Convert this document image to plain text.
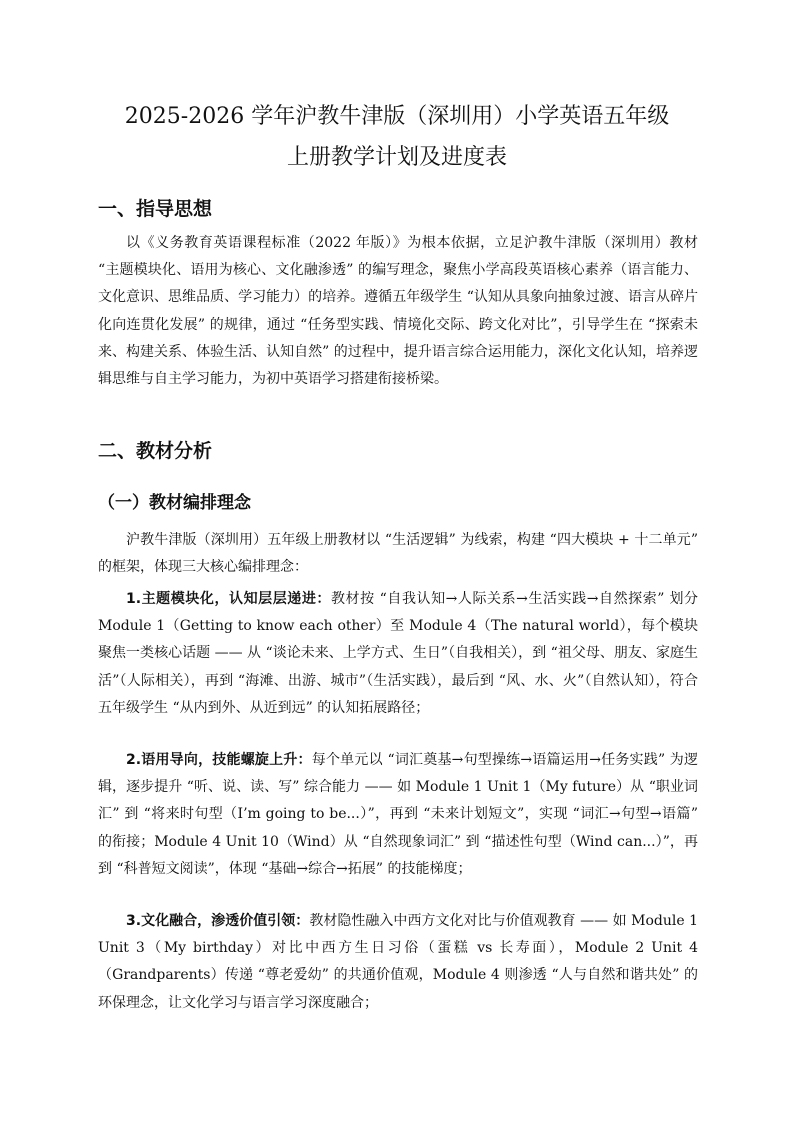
2025-2026 学年沪教牛津版（深圳用）小学英语五年级
上册教学计划及进度表
一、指导思想

以《义务教育英语课程标准（2022 年版）》为根本依据，立足沪教牛津版（深圳用）教材 “主题模块化、语用为核心、文化融渗透” 的编写理念，聚焦小学高段英语核心素养（语言能力、文化意识、思维品质、学习能力）的培养。遵循五年级学生 “认知从具象向抽象过渡、语言从碎片化向连贯化发展” 的规律，通过 “任务型实践、情境化交际、跨文化对比”，引导学生在 “探索未来、构建关系、体验生活、认知自然” 的过程中，提升语言综合运用能力，深化文化认知，培养逻辑思维与自主学习能力，为初中英语学习搭建衔接桥梁。

二、教材分析
（一）教材编排理念

沪教牛津版（深圳用）五年级上册教材以 “生活逻辑” 为线索，构建 “四大模块 + 十二单元” 的框架，体现三大核心编排理念：

1.主题模块化，认知层层递进：教材按 “自我认知→人际关系→生活实践→自然探索” 划分 Module 1（Getting to know each other）至 Module 4（The natural world），每个模块聚焦一类核心话题 —— 从 “谈论未来、上学方式、生日”（自我相关），到 “祖父母、朋友、家庭生活”（人际相关），再到 “海滩、出游、城市”（生活实践），最后到 “风、水、火”（自然认知），符合五年级学生 “从内到外、从近到远” 的认知拓展路径；

2.语用导向，技能螺旋上升：每个单元以 “词汇奠基→句型操练→语篇运用→任务实践” 为逻辑，逐步提升 “听、说、读、写” 综合能力 —— 如 Module 1 Unit 1（My future）从 “职业词汇” 到 “将来时句型（I’m going to be...）”，再到 “未来计划短文”，实现 “词汇→句型→语篇” 的衔接；Module 4 Unit 10（Wind）从 “自然现象词汇” 到 “描述性句型（Wind can...）”，再到 “科普短文阅读”，体现 “基础→综合→拓展” 的技能梯度；

3.文化融合，渗透价值引领：教材隐性融入中西方文化对比与价值观教育 —— 如 Module 1 Unit 3（My birthday）对比中西方生日习俗（蛋糕 vs 长寿面），Module 2 Unit 4（Grandparents）传递 “尊老爱幼” 的共通价值观，Module 4 则渗透 “人与自然和谐共处” 的环保理念，让文化学习与语言学习深度融合；
